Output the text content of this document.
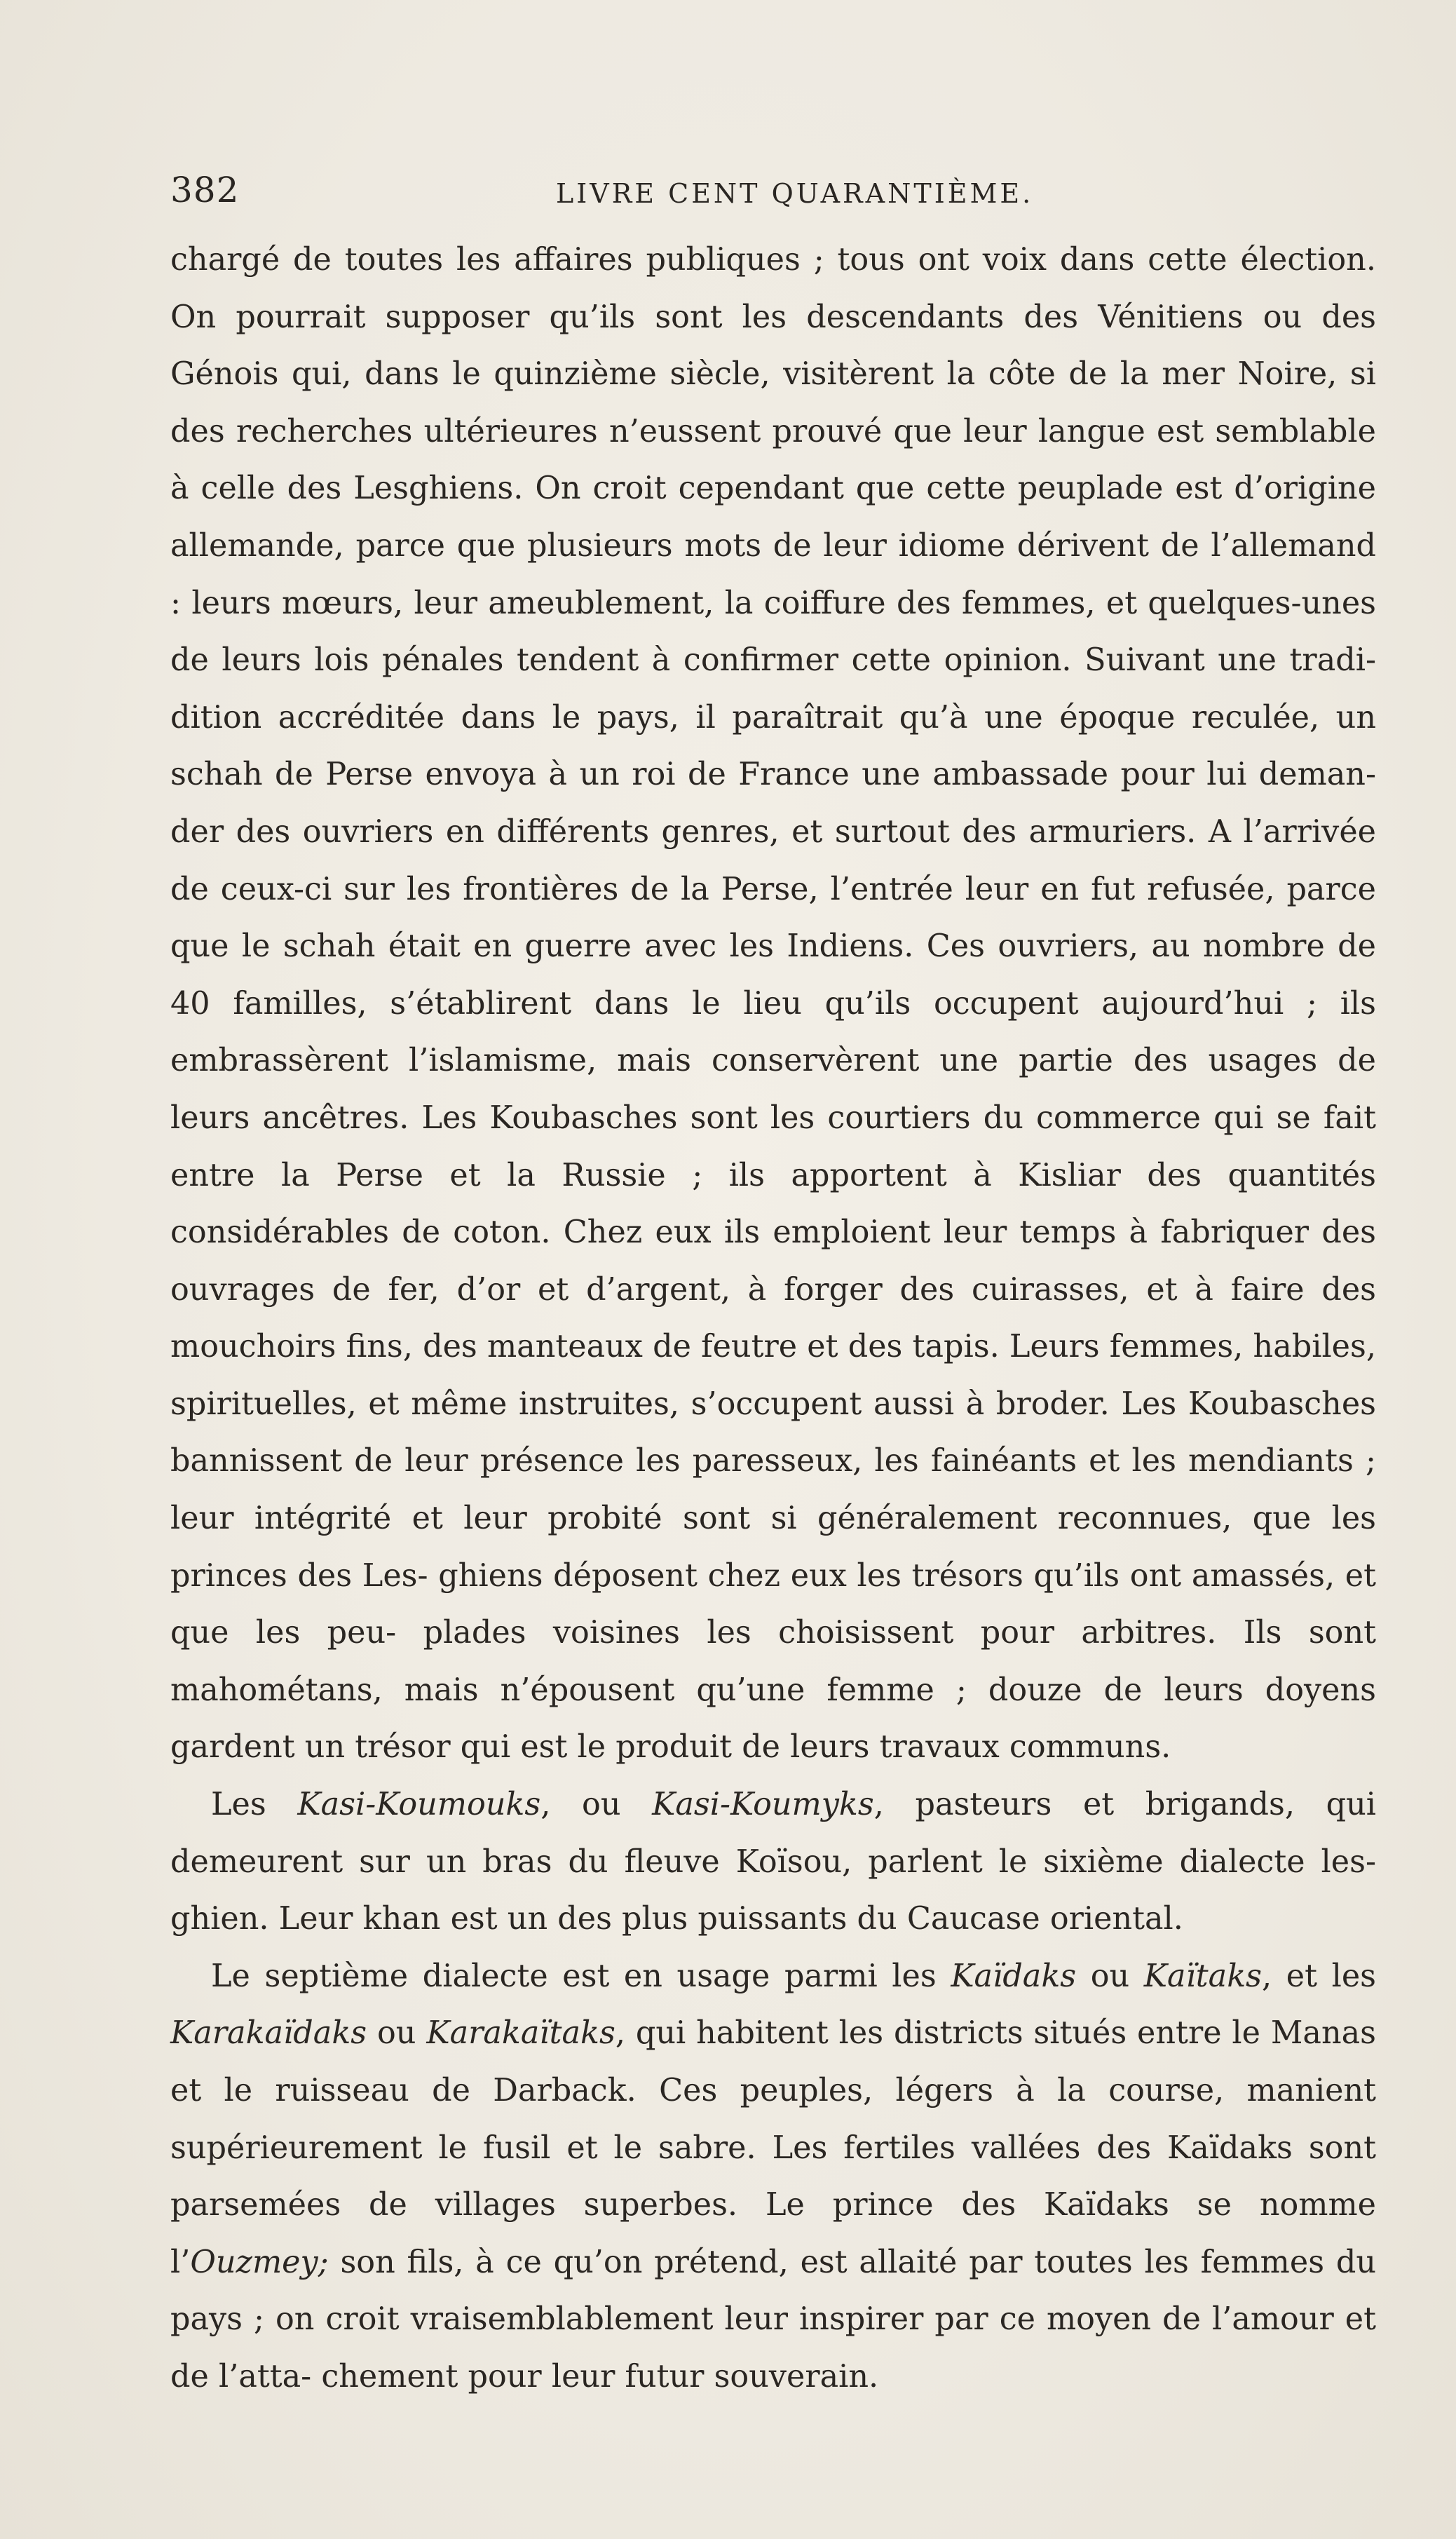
382	LIVRE CENT QUARANTIÈME.

chargé de toutes les affaires publiques ; tous ont voix dans cette élection. On pourrait supposer qu’ils sont les descendants des Vénitiens ou des Génois qui, dans le quinzième siècle, visitèrent la côte de la mer Noire, si des recherches ultérieures n’eussent prouvé que leur langue est semblable à celle des Lesghiens. On croit cependant que cette peuplade est d’origine allemande, parce que plusieurs mots de leur idiome dérivent de l’allemand : leurs mœurs, leur ameublement, la coiffure des femmes, et quelques-unes de leurs lois pénales tendent à confirmer cette opinion. Suivant une tradi- dition accréditée dans le pays, il paraîtrait qu’à une époque reculée, un schah de Perse envoya à un roi de France une ambassade pour lui deman- der des ouvriers en différents genres, et surtout des armuriers. A l’arrivée de ceux-ci sur les frontières de la Perse, l’entrée leur en fut refusée, parce que le schah était en guerre avec les Indiens. Ces ouvriers, au nombre de 40 familles, s’établirent dans le lieu qu’ils occupent aujourd’hui ; ils embrassèrent l’islamisme, mais conservèrent une partie des usages de leurs ancêtres. Les Koubasches sont les courtiers du commerce qui se fait entre la Perse et la Russie ; ils apportent à Kisliar des quantités considérables de coton. Chez eux ils emploient leur temps à fabriquer des ouvrages de fer, d’or et d’argent, à forger des cuirasses, et à faire des mouchoirs fins, des manteaux de feutre et des tapis. Leurs femmes, habiles, spirituelles, et même instruites, s’occupent aussi à broder. Les Koubasches bannissent de leur présence les paresseux, les fainéants et les mendiants ; leur intégrité et leur probité sont si généralement reconnues, que les princes des Les- ghiens déposent chez eux les trésors qu’ils ont amassés, et que les peu- plades voisines les choisissent pour arbitres. Ils sont mahométans, mais n’épousent qu’une femme ; douze de leurs doyens gardent un trésor qui est le produit de leurs travaux communs.

Les Kasi-Koumouks, ou Kasi-Koumyks, pasteurs et brigands, qui demeurent sur un bras du fleuve Koïsou, parlent le sixième dialecte les- ghien. Leur khan est un des plus puissants du Caucase oriental.

Le septième dialecte est en usage parmi les Kaïdaks ou Kaïtaks, et les Karakaïdaks ou Karakaïtaks, qui habitent les districts situés entre le Manas et le ruisseau de Darback. Ces peuples, légers à la course, manient supérieurement le fusil et le sabre. Les fertiles vallées des Kaïdaks sont parsemées de villages superbes. Le prince des Kaïdaks se nomme l’Ouzmey; son fils, à ce qu’on prétend, est allaité par toutes les femmes du pays ; on croit vraisemblablement leur inspirer par ce moyen de l’amour et de l’atta- chement pour leur futur souverain.
